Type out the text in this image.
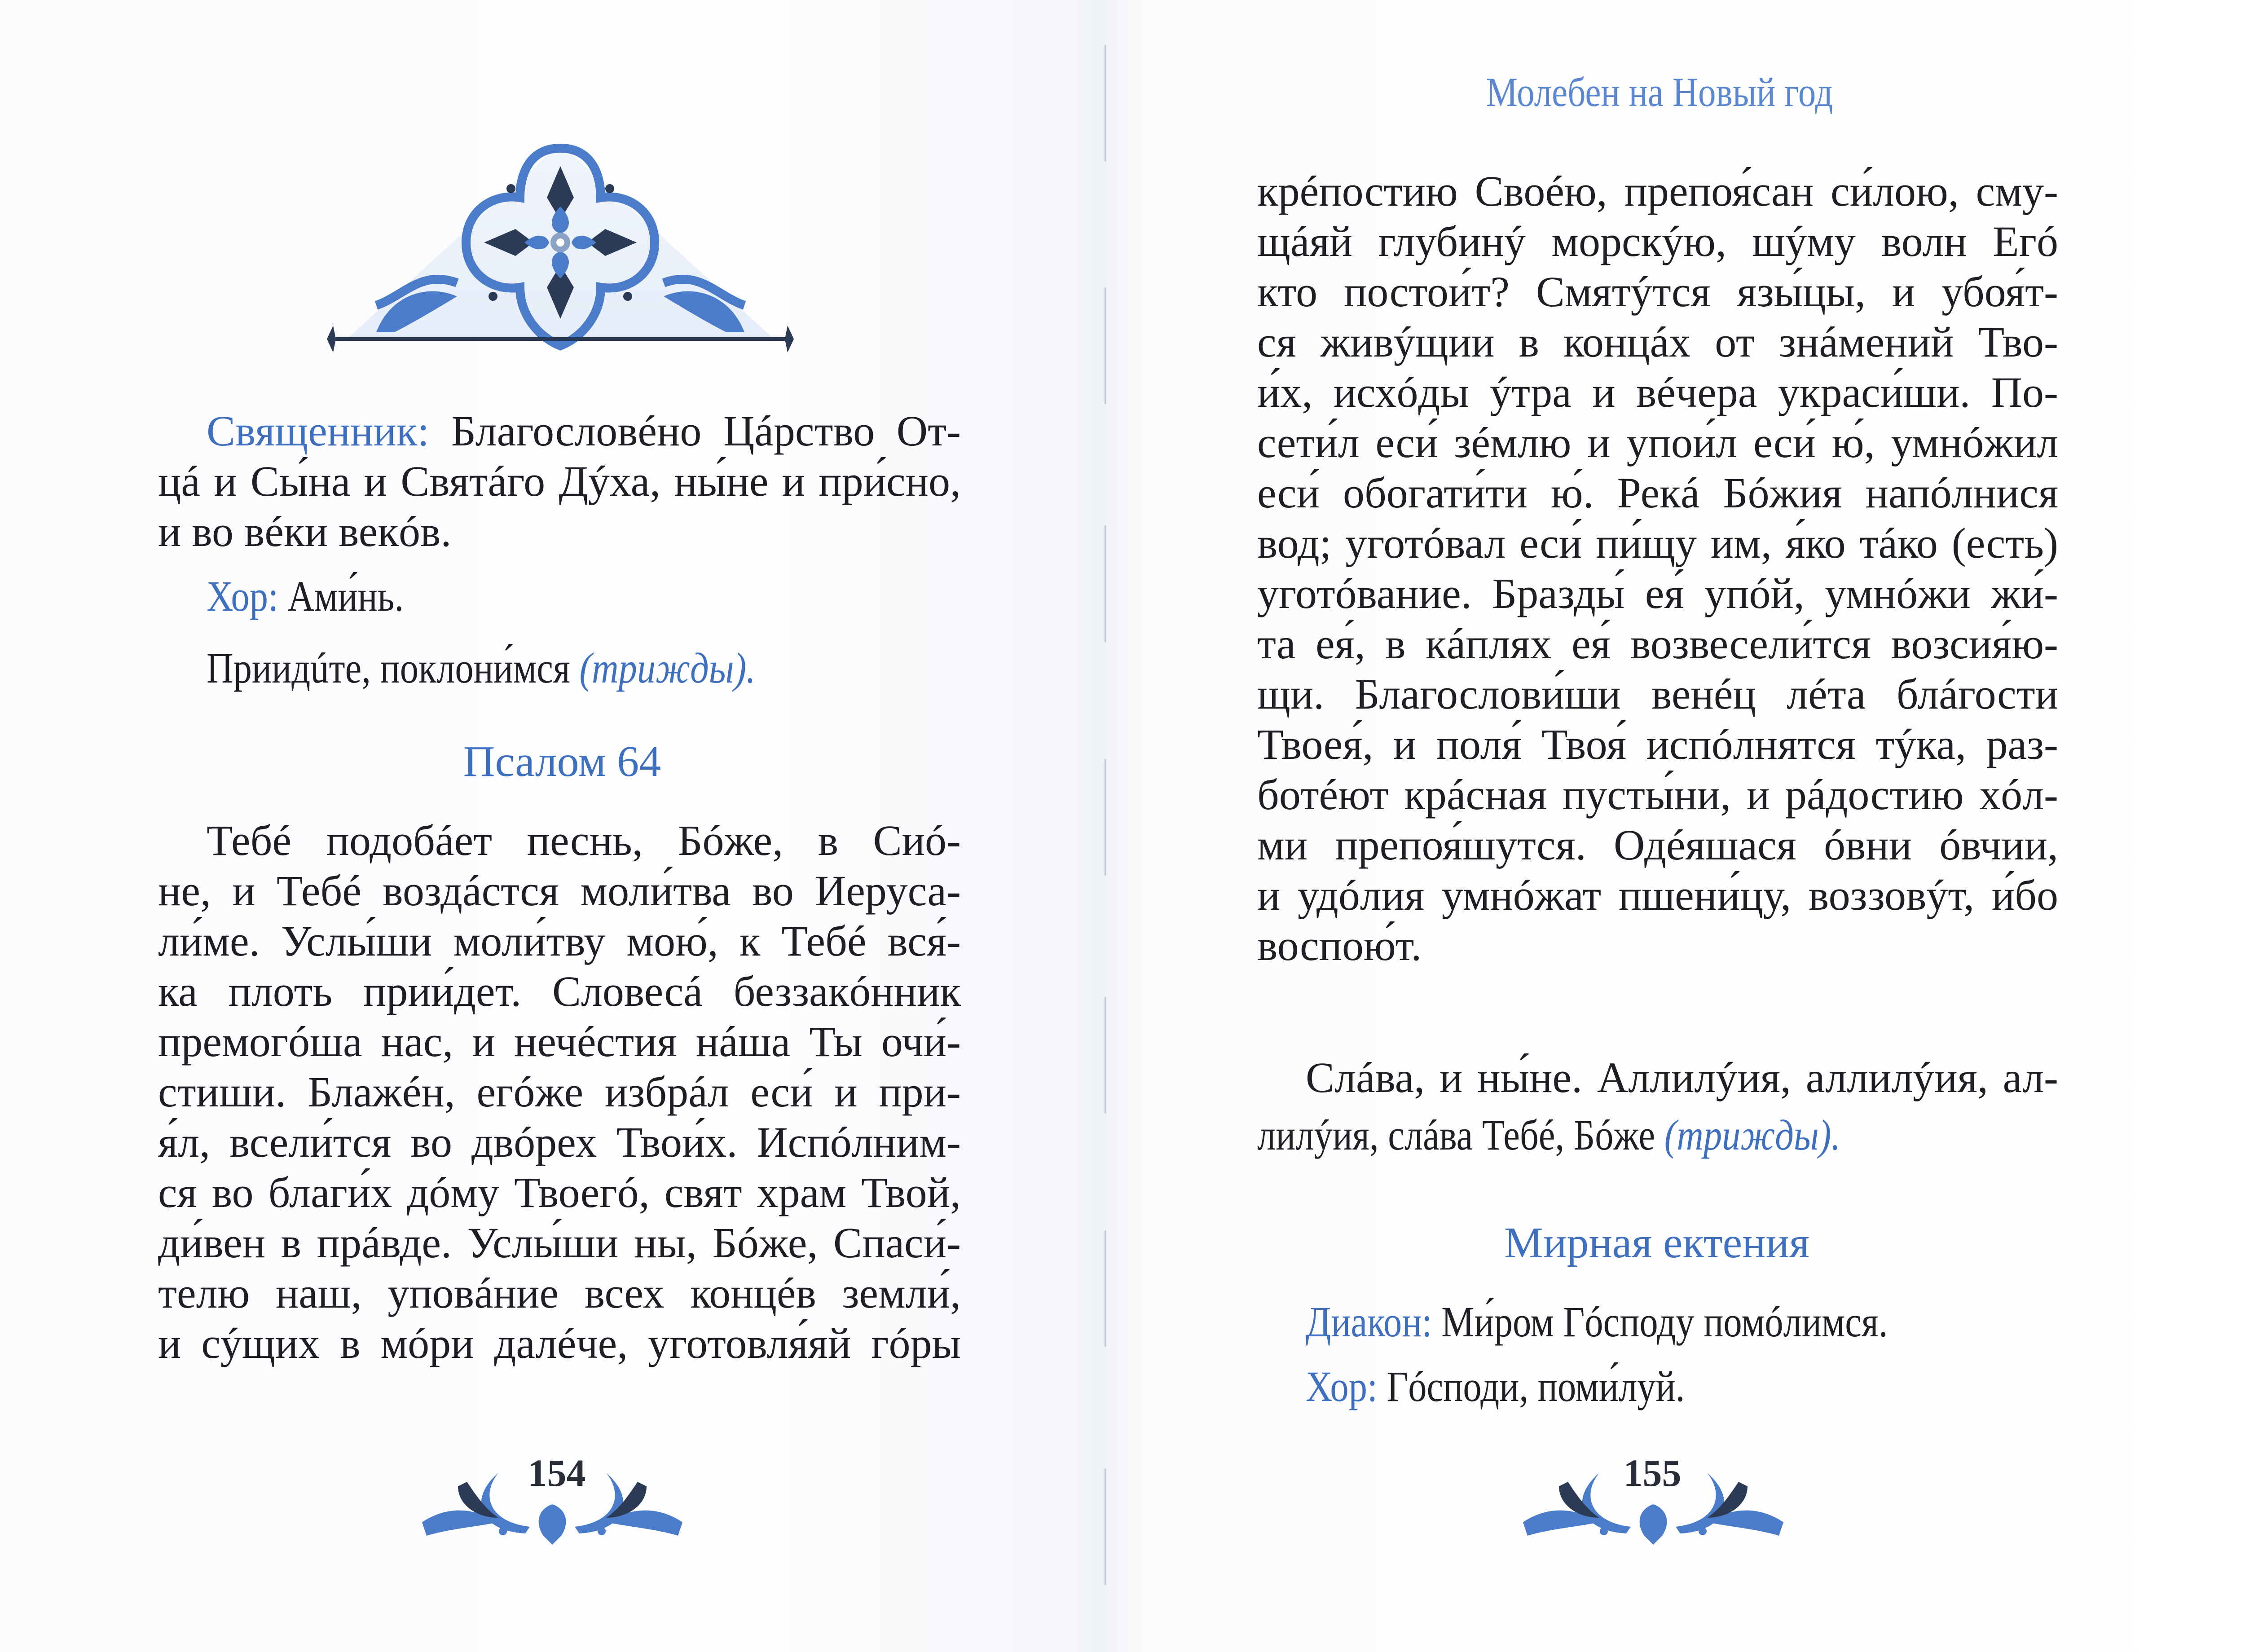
Священник: Благословéно Цáрство От-
цá и Сы́на и Святáго Дýха, ны́не и при́сно,
и во вéки векóв.
Хор: Ами́нь.
Приидúте, поклони́мся (трижды).
Псалом 64
Тебé подобáет песнь, Бóже, в Сиó-
не, и Тебé воздáстся моли́тва во Иеруса-
ли́ме. Услы́ши моли́тву мою́, к Тебé вся́-
ка плоть прии́дет. Словесá беззакóнник
премогóша нас, и нечéстия нáша Ты очи́-
стиши. Блажéн, егóже избрáл еси́ и при-
я́л, всели́тся во двóрех Твои́х. Испóлним-
ся во благи́х дóму Твоегó, свят храм Твой,
ди́вен в прáвде. Услы́ши ны, Бóже, Спаси́-
телю наш, уповáние всех концéв земли́,
и сýщих в мóри далéче, уготовля́яй гóры
154
Молебен на Новый год
крéпостию Своéю, препоя́сан си́лою, сму-
щáяй глубинý морскýю, шýму волн Егó
кто постои́т? Смятýтся язы́цы, и убоя́т-
ся живýщии в концáх от знáмений Тво-
и́х, исхóды ýтра и вéчера украси́ши. По-
сети́л еси́ зéмлю и упои́л еси́ ю́, умнóжил
еси́ обогати́ти ю́. Рекá Бóжия напóлнися
вод; уготóвал еси́ пи́щу им, я́ко тáко (есть)
уготóвание. Бразды́ ея́ упóй, умнóжи жи́-
та ея́, в кáплях ея́ возвесели́тся возсия́ю-
щи. Благослови́ши венéц лéта блáгости
Твоея́, и поля́ Твоя́ испóлнятся тýка, раз-
ботéют крáсная пусты́ни, и рáдостию хóл-
ми препоя́шутся. Одéяшася óвни óвчии,
и удóлия умнóжат пшени́цу, воззовýт, и́бо
воспою́т.
Слáва, и ны́не. Аллилýия, аллилýия, ал-
лилýия, слáва Тебé, Бóже (трижды).
Мирная ектения
Диакон: Ми́ром Гóсподу помóлимся.
Хор: Гóсподи, поми́луй.
155
